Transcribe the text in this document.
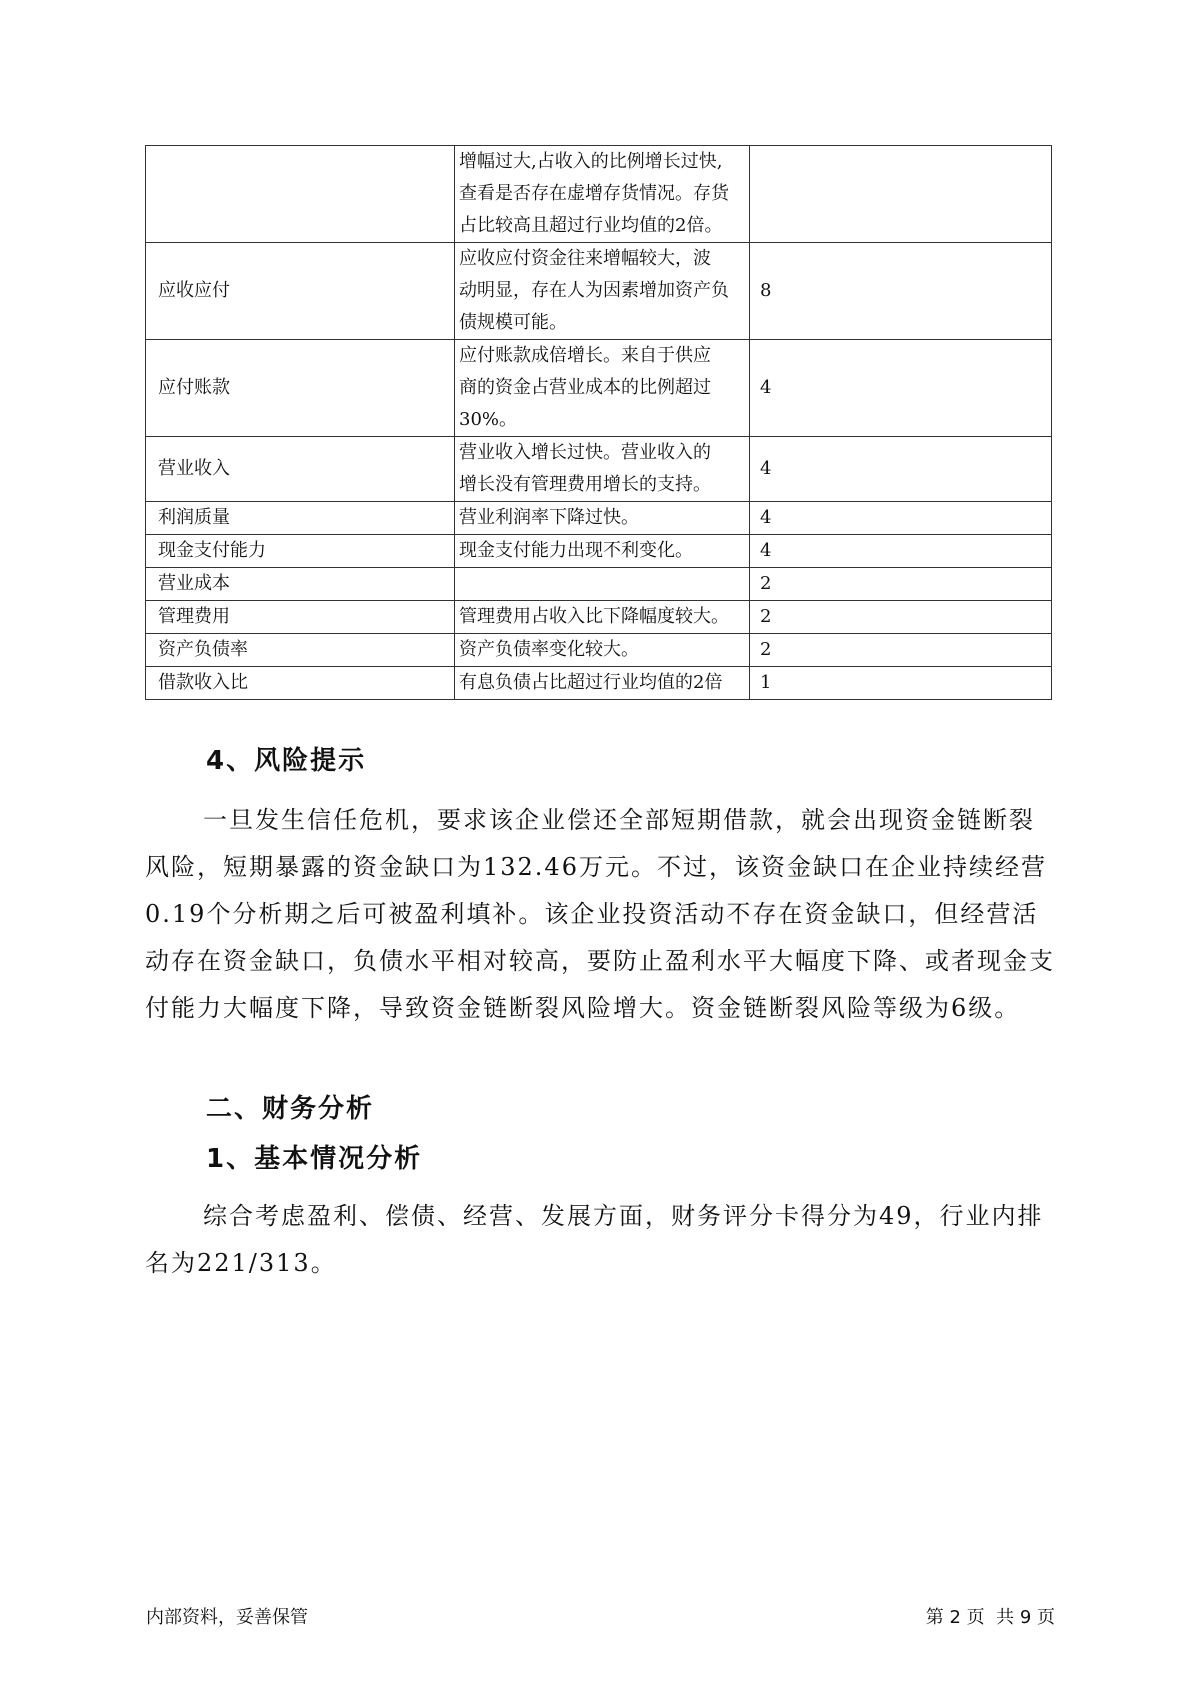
	增幅过大,占收入的比例增长过快,
查看是否存在虚增存货情况。存货
占比较高且超过行业均值的2倍。	

应收应付	应收应付资金往来增幅较大，波
动明显，存在人为因素增加资产负
债规模可能。	8
应付账款	应付账款成倍增长。来自于供应
商的资金占营业成本的比例超过
30%。	4
营业收入	营业收入增长过快。营业收入的
增长没有管理费用增长的支持。	4
利润质量	营业利润率下降过快。	4
现金支付能力	现金支付能力出现不利变化。	4
营业成本		2
管理费用	管理费用占收入比下降幅度较大。	2
资产负债率	资产负债率变化较大。	2
借款收入比	有息负债占比超过行业均值的2倍	1
4、风险提示

一旦发生信任危机，要求该企业偿还全部短期借款，就会出现资金链断裂风险，短期暴露的资金缺口为132.46万元。不过，该资金缺口在企业持续经营 0.19个分析期之后可被盈利填补。该企业投资活动不存在资金缺口，但经营活动存在资金缺口，负债水平相对较高，要防止盈利水平大幅度下降、或者现金支付能力大幅度下降，导致资金链断裂风险增大。资金链断裂风险等级为6级。

二、财务分析
1、基本情况分析

综合考虑盈利、偿债、经营、发展方面，财务评分卡得分为49，行业内排名为221/313。

内部资料，妥善保管	第 2 页  共 9 页
